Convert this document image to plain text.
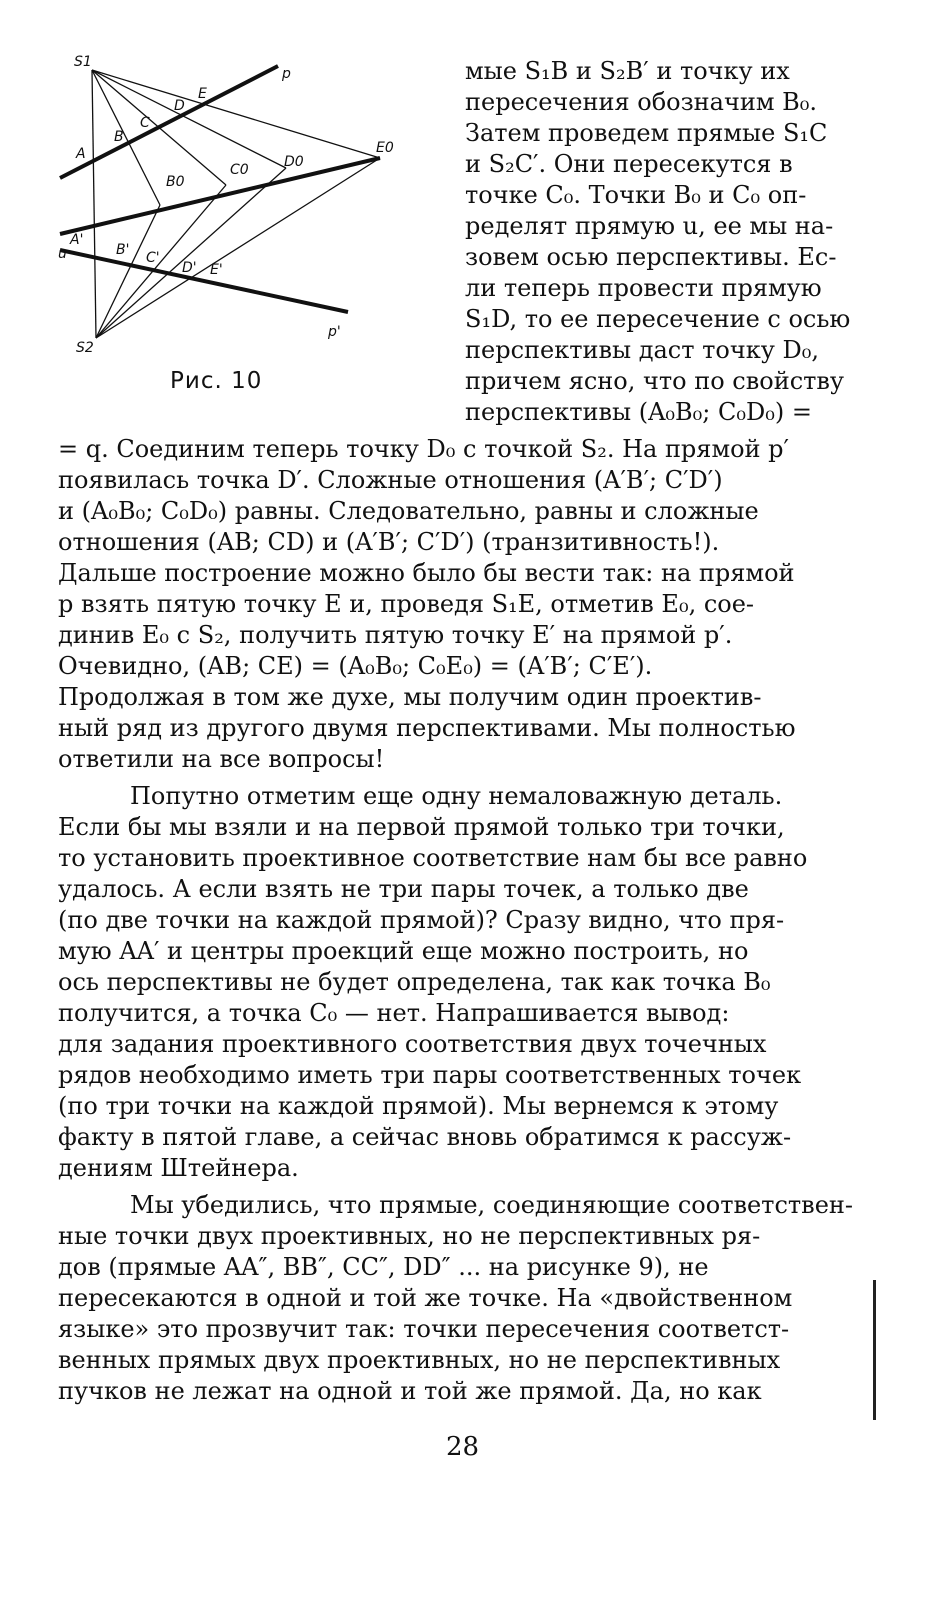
S1
S2
A
B
C
D
E
p
u
B0
C0	D0
E0
A'
B' C'
D' E'
p'
Рис. 10
мые S₁B и S₂B′ и точку их
пересечения обозначим B₀.
Затем проведем прямые S₁C
и S₂C′. Они пересекутся в
точке C₀. Точки B₀ и C₀ оп-
ределят прямую u, ее мы на-
зовем осью перспективы. Ес-
ли теперь провести прямую
S₁D, то ее пересечение с осью
перспективы даст точку D₀,
причем ясно, что по свойству
перспективы (A₀B₀; C₀D₀) =
= q. Соединим теперь точку D₀ с точкой S₂. На прямой p′
появилась точка D′. Сложные отношения (A′B′; C′D′)
и (A₀B₀; C₀D₀) равны. Следовательно, равны и сложные
отношения (AB; CD) и (A′B′; C′D′) (транзитивность!).
Дальше построение можно было бы вести так: на прямой
p взять пятую точку E и, проведя S₁E, отметив E₀, сое-
динив E₀ с S₂, получить пятую точку E′ на прямой p′.
Очевидно, (AB; CE) = (A₀B₀; C₀E₀) = (A′B′; C′E′).
Продолжая в том же духе, мы получим один проектив-
ный ряд из другого двумя перспективами. Мы полностью
ответили на все вопросы!
Попутно отметим еще одну немаловажную деталь.
Если бы мы взяли и на первой прямой только три точки,
то установить проективное соответствие нам бы все равно
удалось. А если взять не три пары точек, а только две
(по две точки на каждой прямой)? Сразу видно, что пря-
мую AA′ и центры проекций еще можно построить, но
ось перспективы не будет определена, так как точка B₀
получится, а точка C₀ — нет. Напрашивается вывод:
для задания проективного соответствия двух точечных
рядов необходимо иметь три пары соответственных точек
(по три точки на каждой прямой). Мы вернемся к этому
факту в пятой главе, а сейчас вновь обратимся к рассуж-
дениям Штейнера.
Мы убедились, что прямые, соединяющие соответствен-
ные точки двух проективных, но не перспективных ря-
дов (прямые AA″, BB″, CC″, DD″ ... на рисунке 9), не
пересекаются в одной и той же точке. На «двойственном
языке» это прозвучит так: точки пересечения соответст-
венных прямых двух проективных, но не перспективных
пучков не лежат на одной и той же прямой. Да, но как
28
